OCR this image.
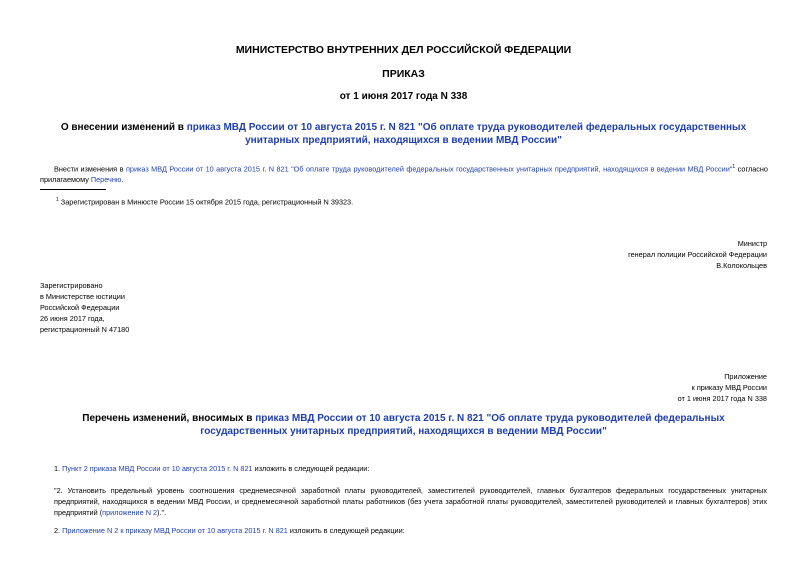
МИНИСТЕРСТВО ВНУТРЕННИХ ДЕЛ РОССИЙСКОЙ ФЕДЕРАЦИИ
ПРИКАЗ
от 1 июня 2017 года N 338
О внесении изменений в приказ МВД России от 10 августа 2015 г. N 821 "Об оплате труда руководителей федеральных государственных унитарных предприятий, находящихся в ведении МВД России"
Внести изменения в приказ МВД России от 10 августа 2015 г. N 821 "Об оплате труда руководителей федеральных государственных унитарных предприятий, находящихся в ведении МВД России"$^1$ согласно прилагаемому Перечню.
$^1$ Зарегистрирован в Минюсте России 15 октября 2015 года, регистрационный N 39323.
Министр
генерал полиции Российской Федерации
В.Колокольцев
Зарегистрировано
в Министерстве юстиции
Российской Федерации
26 июня 2017 года,
регистрационный N 47180
Приложение
к приказу МВД России
от 1 июня 2017 года N 338
Перечень изменений, вносимых в приказ МВД России от 10 августа 2015 г. N 821 "Об оплате труда руководителей федеральных государственных унитарных предприятий, находящихся в ведении МВД России"
1. Пункт 2 приказа МВД России от 10 августа 2015 г. N 821 изложить в следующей редакции:
"2. Установить предельный уровень соотношения среднемесячной заработной платы руководителей, заместителей руководителей, главных бухгалтеров федеральных государственных унитарных предприятий, находящихся в ведении МВД России, и среднемесячной заработной платы работников (без учета заработной платы руководителей, заместителей руководителей и главных бухгалтеров) этих предприятий (приложение N 2).".
2. Приложение N 2 к приказу МВД России от 10 августа 2015 г. N 821 изложить в следующей редакции:
